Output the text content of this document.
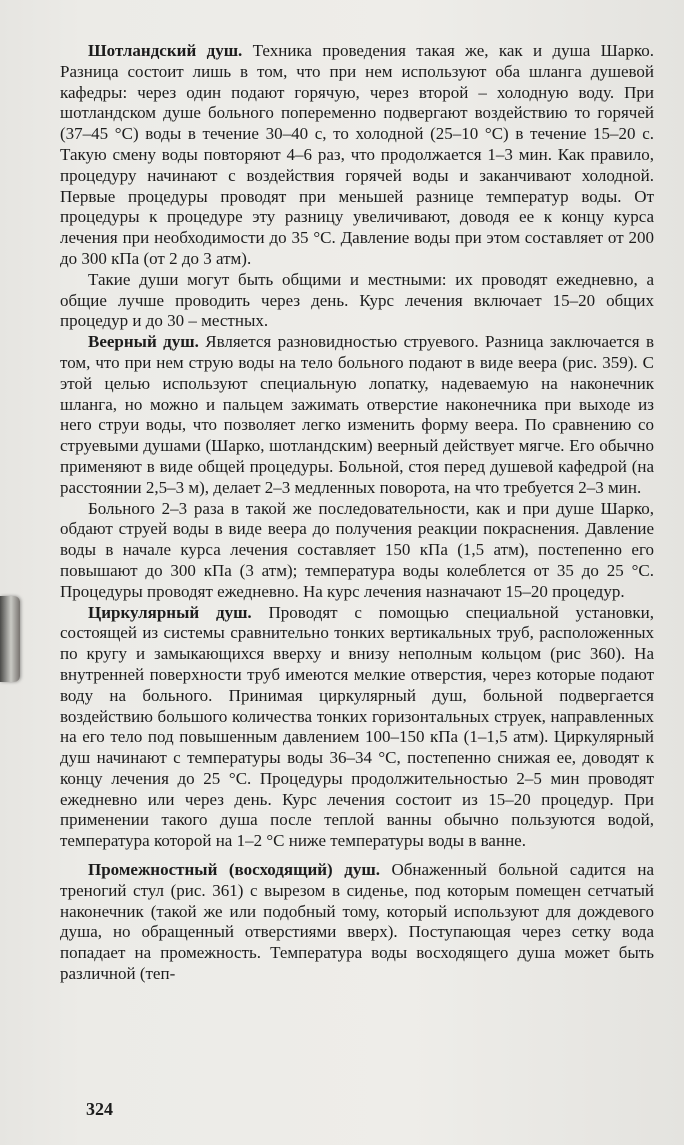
Шотландский душ. Техника проведения такая же, как и душа Шарко. Разница состоит лишь в том, что при нем используют оба шланга душевой кафедры: через один подают горячую, через второй – холодную воду. При шотландском душе больного попеременно подвергают воздействию то горячей (37–45 °С) воды в течение 30–40 с, то холодной (25–10 °С) в течение 15–20 с. Такую смену воды повторяют 4–6 раз, что продолжается 1–3 мин. Как правило, процедуру начинают с воздействия горячей воды и заканчивают холодной. Первые процедуры проводят при меньшей разнице температур воды. От процедуры к процедуре эту разницу увеличивают, доводя ее к концу курса лечения при необходимости до 35 °С. Давление воды при этом составляет от 200 до 300 кПа (от 2 до 3 атм).

Такие души могут быть общими и местными: их проводят ежедневно, а общие лучше проводить через день. Курс лечения включает 15–20 общих процедур и до 30 – местных.

Веерный душ. Является разновидностью струевого. Разница заключается в том, что при нем струю воды на тело больного подают в виде веера (рис. 359). С этой целью используют специальную лопатку, надеваемую на наконечник шланга, но можно и пальцем зажимать отверстие наконечника при выходе из него струи воды, что позволяет легко изменить форму веера. По сравнению со струевыми душами (Шарко, шотландским) веерный действует мягче. Его обычно применяют в виде общей процедуры. Больной, стоя перед душевой кафедрой (на расстоянии 2,5–3 м), делает 2–3 медленных поворота, на что требуется 2–3 мин.

Больного 2–3 раза в такой же последовательности, как и при душе Шарко, обдают струей воды в виде веера до получения реакции покраснения. Давление воды в начале курса лечения составляет 150 кПа (1,5 атм), постепенно его повышают до 300 кПа (3 атм); температура воды колеблется от 35 до 25 °С. Процедуры проводят ежедневно. На курс лечения назначают 15–20 процедур.

Циркулярный душ. Проводят с помощью специальной установки, состоящей из системы сравнительно тонких вертикальных труб, расположенных по кругу и замыкающихся вверху и внизу неполным кольцом (рис 360). На внутренней поверхности труб имеются мелкие отверстия, через которые подают воду на больного. Принимая циркулярный душ, больной подвергается воздействию большого количества тонких горизонтальных струек, направленных на его тело под повышенным давлением 100–150 кПа (1–1,5 атм). Циркулярный душ начинают с температуры воды 36–34 °С, постепенно снижая ее, доводят к концу лечения до 25 °С. Процедуры продолжительностью 2–5 мин проводят ежедневно или через день. Курс лечения состоит из 15–20 процедур. При применении такого душа после теплой ванны обычно пользуются водой, температура которой на 1–2 °С ниже температуры воды в ванне.

Промежностный (восходящий) душ. Обнаженный больной садится на треногий стул (рис. 361) с вырезом в сиденье, под которым помещен сетчатый наконечник (такой же или подобный тому, который используют для дождевого душа, но обращенный отверстиями вверх). Поступающая через сетку вода попадает на промежность. Температура воды восходящего душа может быть различной (теп-

324
